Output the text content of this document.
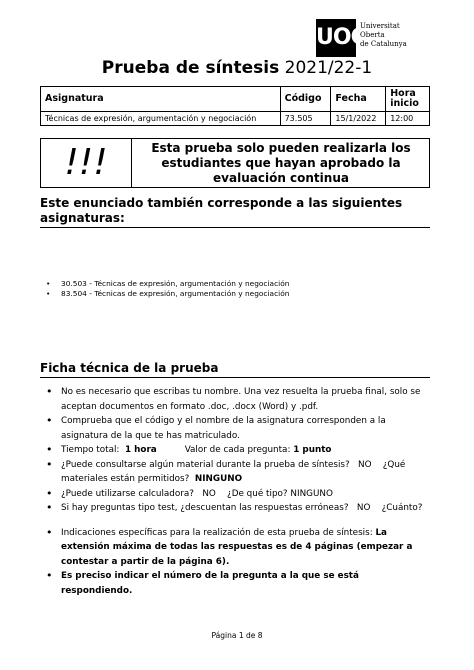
UOC
Universitat
Oberta
de Catalunya
Prueba de síntesis 2021/22-1
Asignatura	Código	Fecha	Hora inicio
Técnicas de expresión, argumentación y negociación	73.505	15/1/2022	12:00
!!!	Esta prueba solo pueden realizarla los estudiantes que hayan aprobado la evaluación continua
Este enunciado también corresponde a las siguientes asignaturas:
• 30.503 - Técnicas de expresión, argumentación y negociación
• 83.504 - Técnicas de expresión, argumentación y negociación
Ficha técnica de la prueba
• No es necesario que escribas tu nombre. Una vez resuelta la prueba final, solo se aceptan documentos en formato .doc, .docx (Word) y .pdf.
• Comprueba que el código y el nombre de la asignatura corresponden a la asignatura de la que te has matriculado.
• Tiempo total: 1 hora	Valor de cada pregunta: 1 punto
• ¿Puede consultarse algún material durante la prueba de síntesis? NO ¿Qué materiales están permitidos? NINGUNO
• ¿Puede utilizarse calculadora? NO ¿De qué tipo? NINGUNO
• Si hay preguntas tipo test, ¿descuentan las respuestas erróneas? NO ¿Cuánto?
• Indicaciones específicas para la realización de esta prueba de síntesis: La extensión máxima de todas las respuestas es de 4 páginas (empezar a contestar a partir de la página 6).
• Es preciso indicar el número de la pregunta a la que se está respondiendo.
Página 1 de 8
